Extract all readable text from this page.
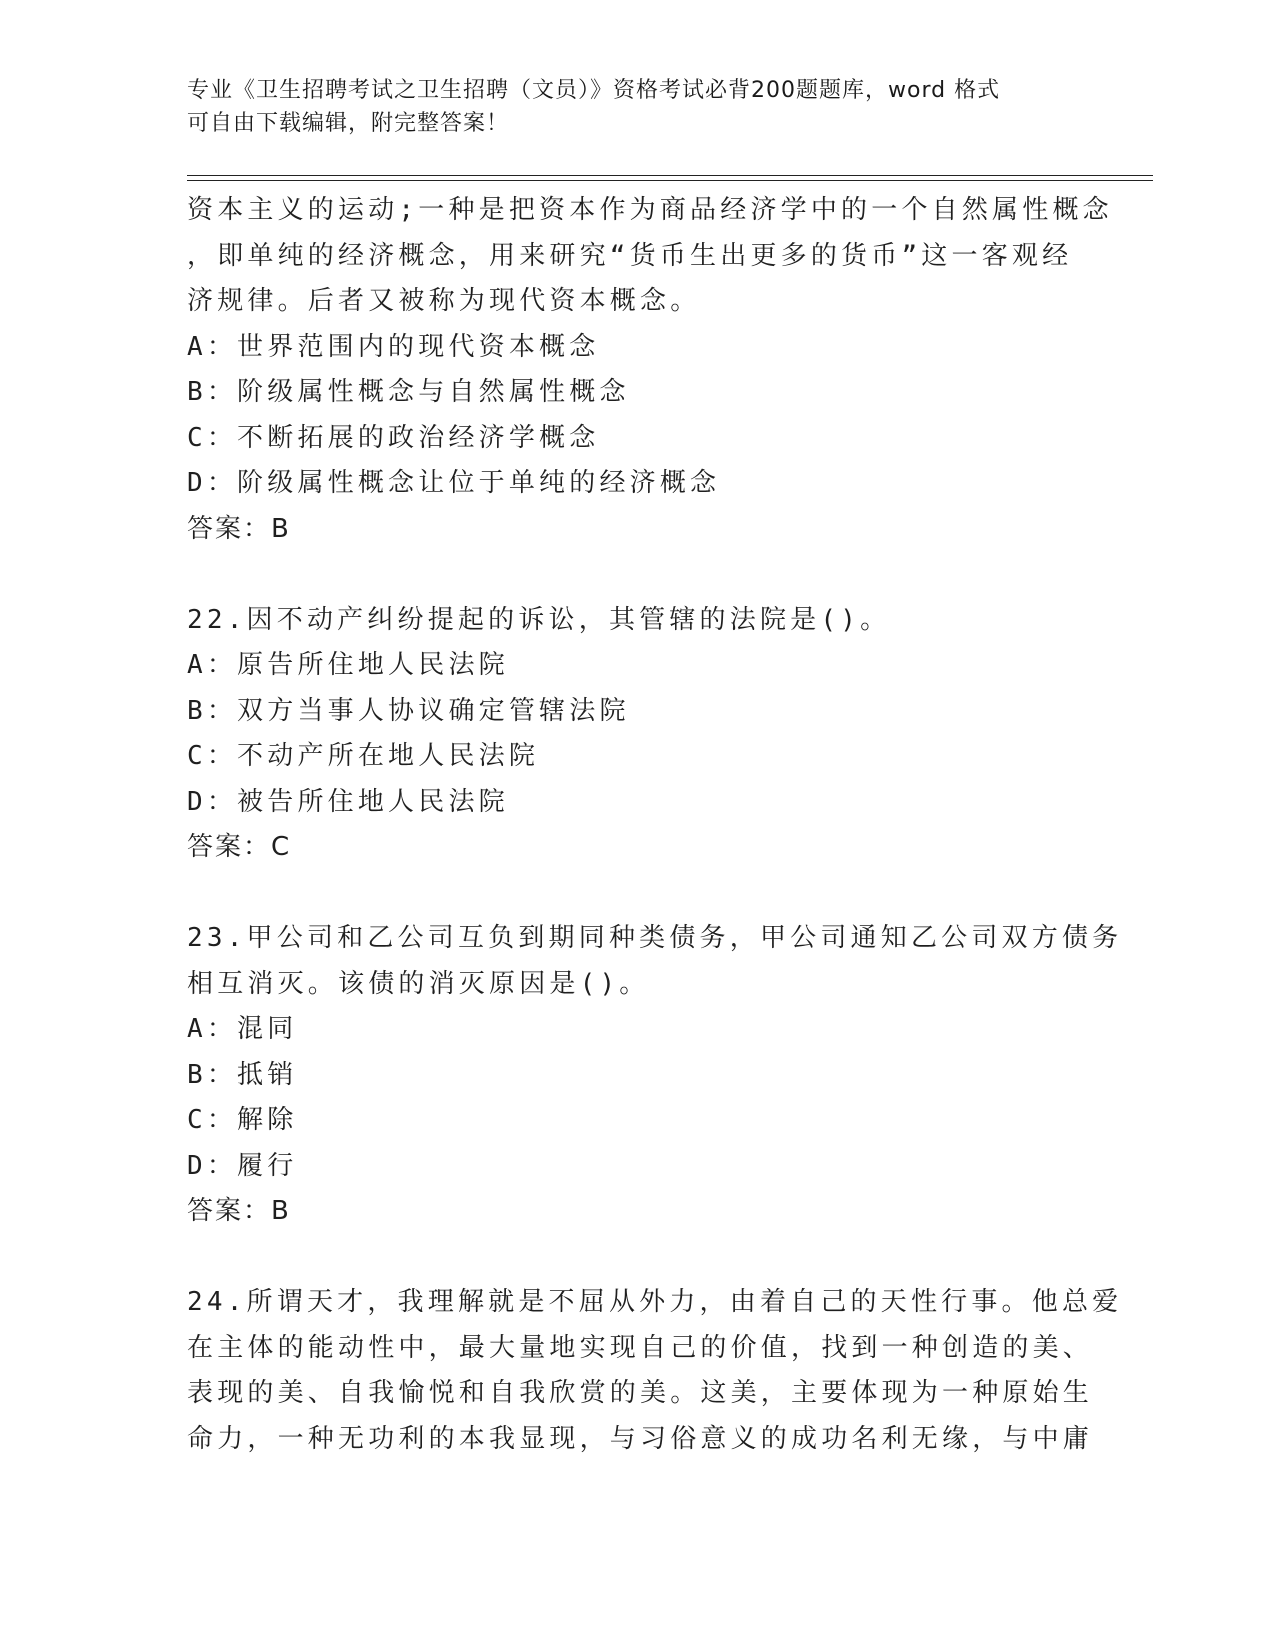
专业《卫生招聘考试之卫生招聘（文员）》资格考试必背200题题库，word 格式
可自由下载编辑，附完整答案！
资本主义的运动;一种是把资本作为商品经济学中的一个自然属性概念
，即单纯的经济概念，用来研究“货币生出更多的货币”这一客观经
济规律。后者又被称为现代资本概念。
A：世界范围内的现代资本概念
B：阶级属性概念与自然属性概念
C：不断拓展的政治经济学概念
D：阶级属性概念让位于单纯的经济概念
答案：B
22.因不动产纠纷提起的诉讼，其管辖的法院是()。
A：原告所住地人民法院
B：双方当事人协议确定管辖法院
C：不动产所在地人民法院
D：被告所住地人民法院
答案：C
23.甲公司和乙公司互负到期同种类债务，甲公司通知乙公司双方债务
相互消灭。该债的消灭原因是()。
A：混同
B：抵销
C：解除
D：履行
答案：B
24.所谓天才，我理解就是不屈从外力，由着自己的天性行事。他总爱
在主体的能动性中，最大量地实现自己的价值，找到一种创造的美、
表现的美、自我愉悦和自我欣赏的美。这美，主要体现为一种原始生
命力，一种无功利的本我显现，与习俗意义的成功名利无缘，与中庸
